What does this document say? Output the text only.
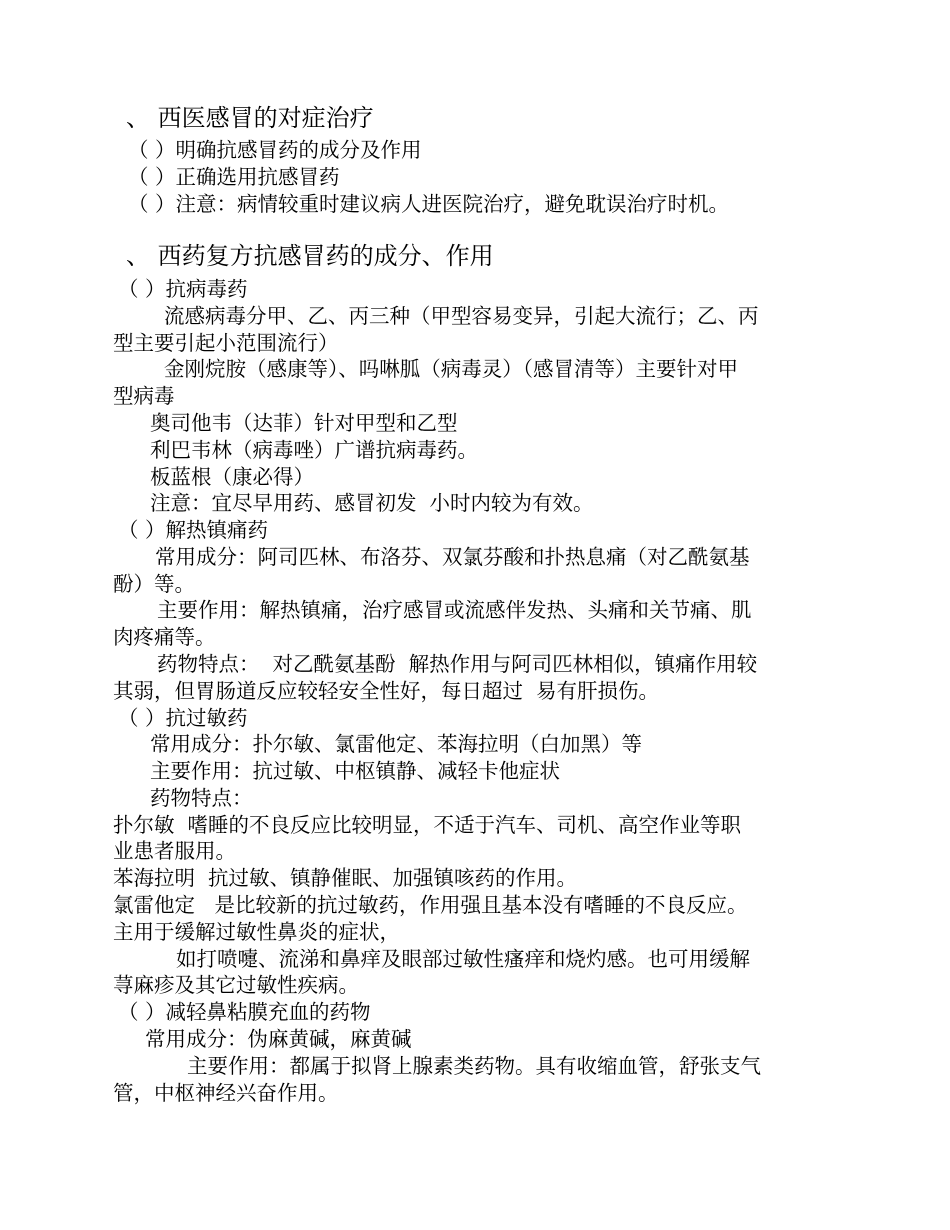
、 西医感冒的对症治疗
（ ）明确抗感冒药的成分及作用
（ ）正确选用抗感冒药
（ ）注意：病情较重时建议病人进医院治疗，避免耽误治疗时机。
、 西药复方抗感冒药的成分、作用
（ ）抗病毒药
流感病毒分甲、乙、丙三种（甲型容易变异，引起大流行；乙、丙
型主要引起小范围流行）
金刚烷胺（感康等）、吗啉胍（病毒灵）（感冒清等）主要针对甲
型病毒
奥司他韦（达菲）针对甲型和乙型
利巴韦林（病毒唑）广谱抗病毒药。
板蓝根（康必得）
注意：宜尽早用药、感冒初发  小时内较为有效。
（ ）解热镇痛药
常用成分：阿司匹林、布洛芬、双氯芬酸和扑热息痛（对乙酰氨基
酚）等。
主要作用：解热镇痛，治疗感冒或流感伴发热、头痛和关节痛、肌
肉疼痛等。
药物特点：  对乙酰氨基酚  解热作用与阿司匹林相似，镇痛作用较
其弱，但胃肠道反应较轻安全性好，每日超过  易有肝损伤。
（ ）抗过敏药
常用成分：扑尔敏、氯雷他定、苯海拉明（白加黑）等
主要作用：抗过敏、中枢镇静、减轻卡他症状
药物特点：
扑尔敏  嗜睡的不良反应比较明显，不适于汽车、司机、高空作业等职
业患者服用。
苯海拉明  抗过敏、镇静催眠、加强镇咳药的作用。
氯雷他定   是比较新的抗过敏药，作用强且基本没有嗜睡的不良反应。
主用于缓解过敏性鼻炎的症状，
如打喷嚏、流涕和鼻痒及眼部过敏性瘙痒和烧灼感。也可用缓解
荨麻疹及其它过敏性疾病。
（ ）减轻鼻粘膜充血的药物
常用成分：伪麻黄碱，麻黄碱
主要作用：都属于拟肾上腺素类药物。具有收缩血管，舒张支气
管，中枢神经兴奋作用。
